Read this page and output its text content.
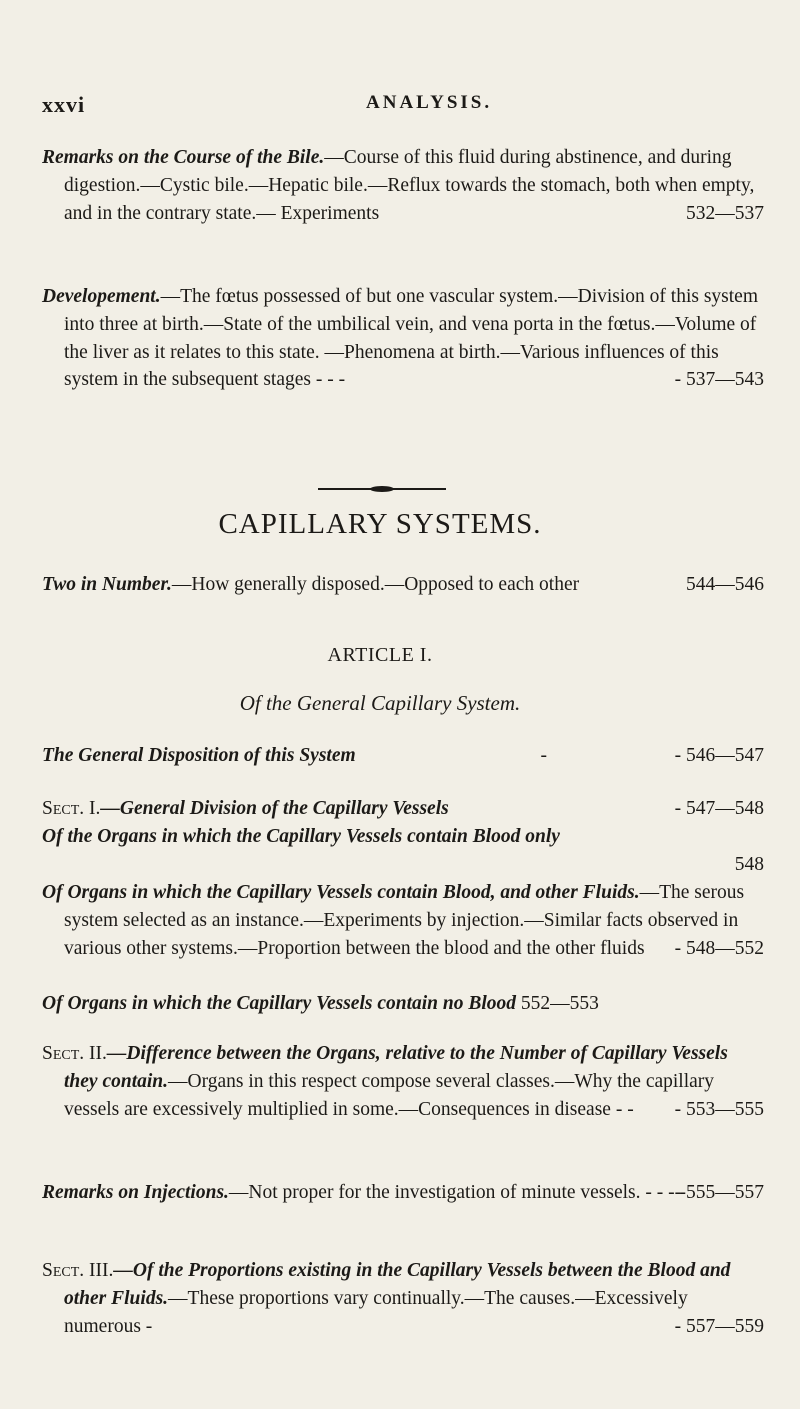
xxvi	ANALYSIS.

Remarks on the Course of the Bile.—Course of this fluid during abstinence, and during digestion.—Cystic bile.—Hepatic bile.—Reflux towards the stomach, both when empty, and in the contrary state.— Experiments	532—537

Developement.—The fœtus possessed of but one vascular system.—Division of this system into three at birth.—State of the umbilical vein, and vena porta in the fœtus.—Volume of the liver as it relates to this state. —Phenomena at birth.—Various influences of this system in the subsequent stages - - -	- 537—543

CAPILLARY SYSTEMS.

Two in Number.—How generally disposed.—Opposed to each other	544—546

ARTICLE I.
Of the General Capillary System.

The General Disposition of this System	-	- 546—547

Sect. I.—General Division of the Capillary Vessels	- 547—548

Of the Organs in which the Capillary Vessels contain Blood only

548

Of Organs in which the Capillary Vessels contain Blood, and other Fluids.—The serous system selected as an instance.—Experiments by injection.—Similar facts observed in various other systems.—Proportion between the blood and the other fluids - 548—552

Of Organs in which the Capillary Vessels contain no Blood 552—553

Sect. II.—Difference between the Organs, relative to the Number of Capillary Vessels they contain.—Organs in this respect compose several classes.—Why the capillary vessels are excessively multiplied in some.—Consequences in disease - - - 553—555

Remarks on Injections.—Not proper for the investigation of minute vessels. - - - -
- 555—557

Sect. III.—Of the Proportions existing in the Capillary Vessels between the Blood and other Fluids.—These proportions vary continually.—The causes.—Excessively numerous -	- 557—559
